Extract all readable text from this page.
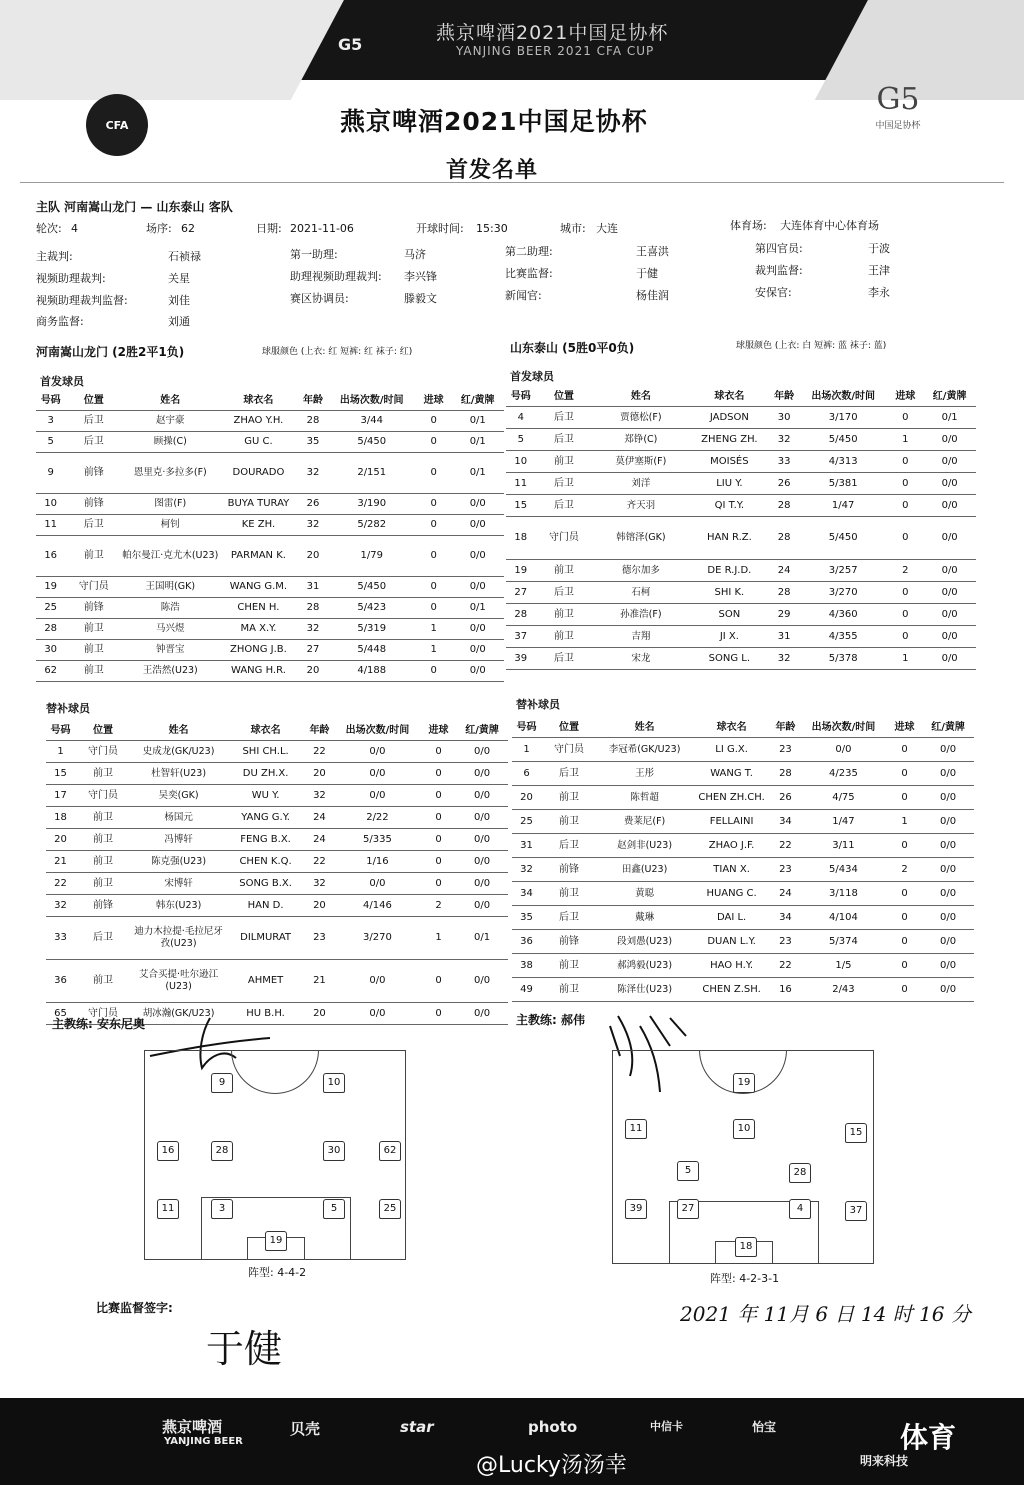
G5
燕京啤酒2021中国足协杯
YANJING BEER 2021 CFA CUP
CFA	燕京啤酒2021中国足协杯
首发名单
G5
中国足协杯
主队 河南嵩山龙门 — 山东泰山 客队
轮次: 4	场序: 62	日期: 2021-11-06	开球时间: 15:30	城市: 大连	体育场: 大连体育中心体育场
主裁判:	石祯禄	第一助理:	马济	第二助理:	王喜洪	第四官员:	于波
视频助理裁判:	关星	助理视频助理裁判: 李兴锋	比赛监督:	于健	裁判监督:	王津
视频助理裁判监督:	刘佳	赛区协调员:	滕毅文	新闻官:	杨佳润	安保官:	李永
商务监督:	刘通
河南嵩山龙门 (2胜2平1负)	球服颜色 (上衣: 红 短裤: 红 袜子: 红)	山东泰山 (5胜0平0负)	球服颜色 (上衣: 白 短裤: 蓝 袜子: 蓝)
首发球员	首发球员
号码	位置	姓名	球衣名	年龄	出场次数/时间	进球	红/黄牌
3	后卫	赵宇豪	ZHAO Y.H.	28	3/44	0	0/1
5	后卫	顾操(C)	GU C.	35	5/450	0	0/1
9	前锋	恩里克·多拉多(F)	DOURADO	32	2/151	0	0/1
10	前锋	图雷(F)	BUYA TURAY	26	3/190	0	0/0
11	后卫	柯钊	KE ZH.	32	5/282	0	0/0
16	前卫	帕尔曼江·克尤木(U23)	PARMAN K.	20	1/79	0	0/0
19	守门员	王国明(GK)	WANG G.M.	31	5/450	0	0/0
25	前锋	陈浩	CHEN H.	28	5/423	0	0/1
28	前卫	马兴煜	MA X.Y.	32	5/319	1	0/0
30	前卫	钟晋宝	ZHONG J.B.	27	5/448	1	0/0
62	前卫	王浩然(U23)	WANG H.R.	20	4/188	0	0/0
号码	位置	姓名	球衣名	年龄	出场次数/时间	进球	红/黄牌
4	后卫	贾德松(F)	JADSON	30	3/170	0	0/1
5	后卫	郑铮(C)	ZHENG ZH.	32	5/450	1	0/0
10	前卫	莫伊塞斯(F)	MOISÉS	33	4/313	0	0/0
11	后卫	刘洋	LIU Y.	26	5/381	0	0/0
15	后卫	齐天羽	QI T.Y.	28	1/47	0	0/0
18	守门员	韩镕泽(GK)	HAN R.Z.	28	5/450	0	0/0
19	前卫	德尔加多	DE R.J.D.	24	3/257	2	0/0
27	后卫	石柯	SHI K.	28	3/270	0	0/0
28	前卫	孙准浩(F)	SON	29	4/360	0	0/0
37	前卫	吉翔	JI X.	31	4/355	0	0/0
39	后卫	宋龙	SONG L.	32	5/378	1	0/0
替补球员	替补球员
号码	位置	姓名	球衣名	年龄	出场次数/时间	进球	红/黄牌
1	守门员	史成龙(GK/U23)	SHI CH.L.	22	0/0	0	0/0
15	前卫	杜智轩(U23)	DU ZH.X.	20	0/0	0	0/0
17	守门员	吴奕(GK)	WU Y.	32	0/0	0	0/0
18	前卫	杨国元	YANG G.Y.	24	2/22	0	0/0
20	前卫	冯博轩	FENG B.X.	24	5/335	0	0/0
21	前卫	陈克强(U23)	CHEN K.Q.	22	1/16	0	0/0
22	前卫	宋博轩	SONG B.X.	32	0/0	0	0/0
32	前锋	韩东(U23)	HAN D.	20	4/146	2	0/0
33	后卫	迪力木拉提·毛拉尼牙孜(U23)	DILMURAT	23	3/270	1	0/1
36	前卫	艾合买提·吐尔逊江(U23)	AHMET	21	0/0	0	0/0
65	守门员	胡冰瀚(GK/U23)	HU B.H.	20	0/0	0	0/0
号码	位置	姓名	球衣名	年龄	出场次数/时间	进球	红/黄牌
1	守门员	李冠希(GK/U23)	LI G.X.	23	0/0	0	0/0
6	后卫	王彤	WANG T.	28	4/235	0	0/0
20	前卫	陈哲超	CHEN ZH.CH.	26	4/75	0	0/0
25	前卫	费莱尼(F)	FELLAINI	34	1/47	1	0/0
31	后卫	赵剑非(U23)	ZHAO J.F.	22	3/11	0	0/0
32	前锋	田鑫(U23)	TIAN X.	23	5/434	2	0/0
34	前卫	黄聪	HUANG C.	24	3/118	0	0/0
35	后卫	戴琳	DAI L.	34	4/104	0	0/0
36	前锋	段刘愚(U23)	DUAN L.Y.	23	5/374	0	0/0
38	前卫	郝鸿毅(U23)	HAO H.Y.	22	1/5	0	0/0
49	前卫	陈泽仕(U23)	CHEN Z.SH.	16	2/43	0	0/0
主教练: 安东尼奥	主教练: 郝伟
9	10
16	28	30	62
11	3	5	25
19
阵型: 4-4-2
19
11	10	15
5	28
39	27	4	37
18
阵型: 4-2-3-1
比赛监督签字:
于健
2021 年 11月 6 日 14 时 16 分
燕京啤酒
YANJING BEER
贝壳	star	photo	中信卡	怡宝
明来科技
@Lucky汤汤幸
体育
